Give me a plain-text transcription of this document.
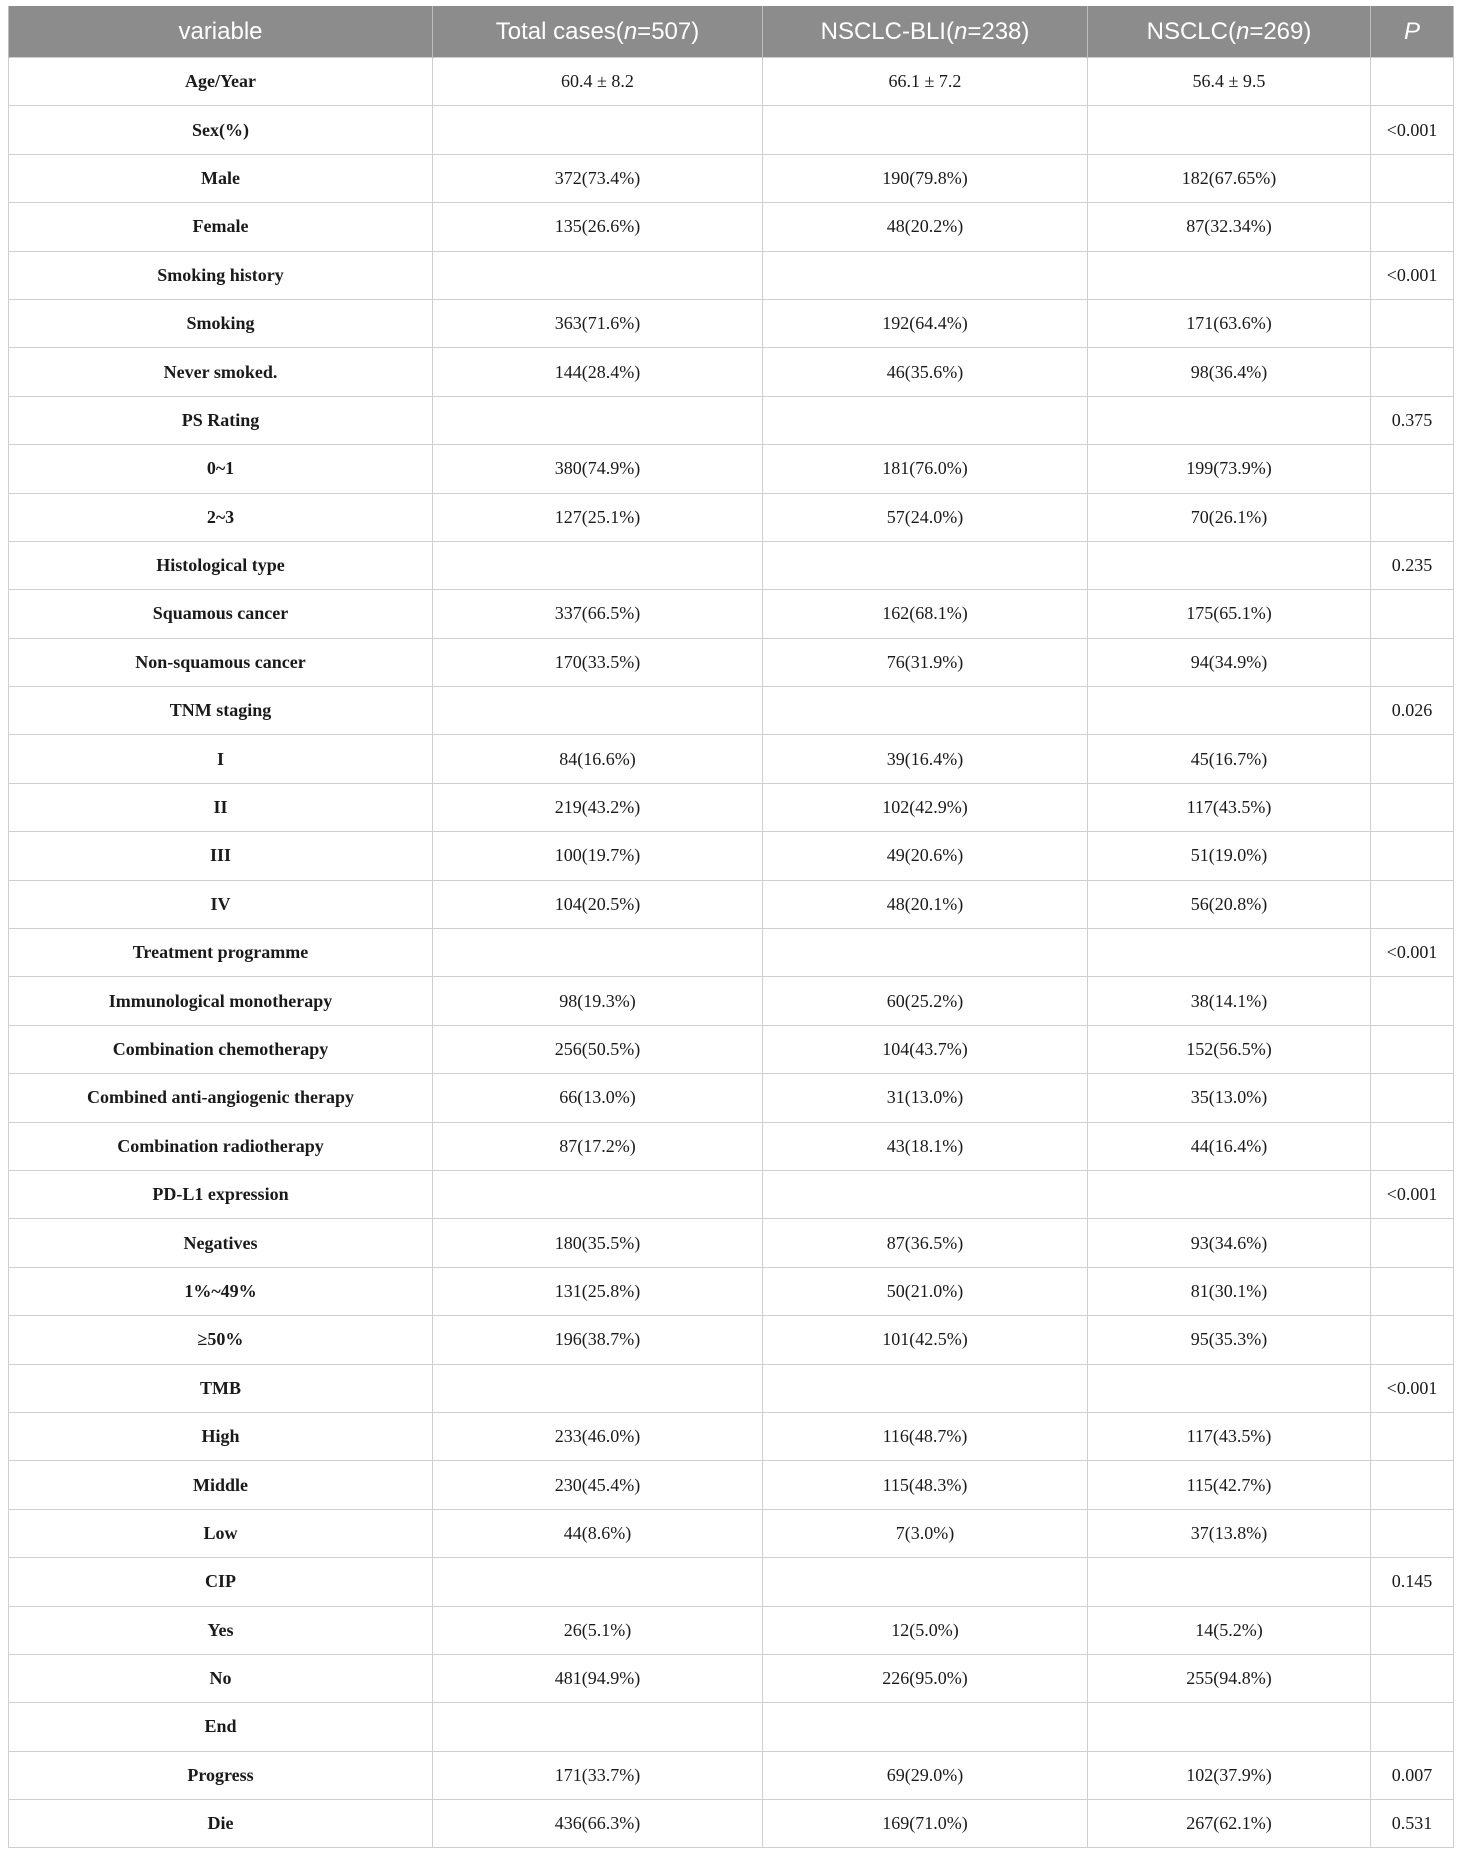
variable	Total cases(n=507)	NSCLC-BLI(n=238)	NSCLC(n=269)	P
Age/Year	60.4 ± 8.2	66.1 ± 7.2	56.4 ± 9.5	
Sex(%)				<0.001
Male	372(73.4%)	190(79.8%)	182(67.65%)	
Female	135(26.6%)	48(20.2%)	87(32.34%)	
Smoking history				<0.001
Smoking	363(71.6%)	192(64.4%)	171(63.6%)	
Never smoked.	144(28.4%)	46(35.6%)	98(36.4%)	
PS Rating				0.375
0~1	380(74.9%)	181(76.0%)	199(73.9%)	
2~3	127(25.1%)	57(24.0%)	70(26.1%)	
Histological type				0.235
Squamous cancer	337(66.5%)	162(68.1%)	175(65.1%)	
Non-squamous cancer	170(33.5%)	76(31.9%)	94(34.9%)	
TNM staging				0.026
I	84(16.6%)	39(16.4%)	45(16.7%)	
II	219(43.2%)	102(42.9%)	117(43.5%)	
III	100(19.7%)	49(20.6%)	51(19.0%)	
IV	104(20.5%)	48(20.1%)	56(20.8%)	
Treatment programme				<0.001
Immunological monotherapy	98(19.3%)	60(25.2%)	38(14.1%)	
Combination chemotherapy	256(50.5%)	104(43.7%)	152(56.5%)	
Combined anti-angiogenic therapy	66(13.0%)	31(13.0%)	35(13.0%)	
Combination radiotherapy	87(17.2%)	43(18.1%)	44(16.4%)	
PD-L1 expression				<0.001
Negatives	180(35.5%)	87(36.5%)	93(34.6%)	
1%~49%	131(25.8%)	50(21.0%)	81(30.1%)	
≥50%	196(38.7%)	101(42.5%)	95(35.3%)	
TMB				<0.001
High	233(46.0%)	116(48.7%)	117(43.5%)	
Middle	230(45.4%)	115(48.3%)	115(42.7%)	
Low	44(8.6%)	7(3.0%)	37(13.8%)	
CIP				0.145
Yes	26(5.1%)	12(5.0%)	14(5.2%)	
No	481(94.9%)	226(95.0%)	255(94.8%)	
End				
Progress	171(33.7%)	69(29.0%)	102(37.9%)	0.007
Die	436(66.3%)	169(71.0%)	267(62.1%)	0.531
